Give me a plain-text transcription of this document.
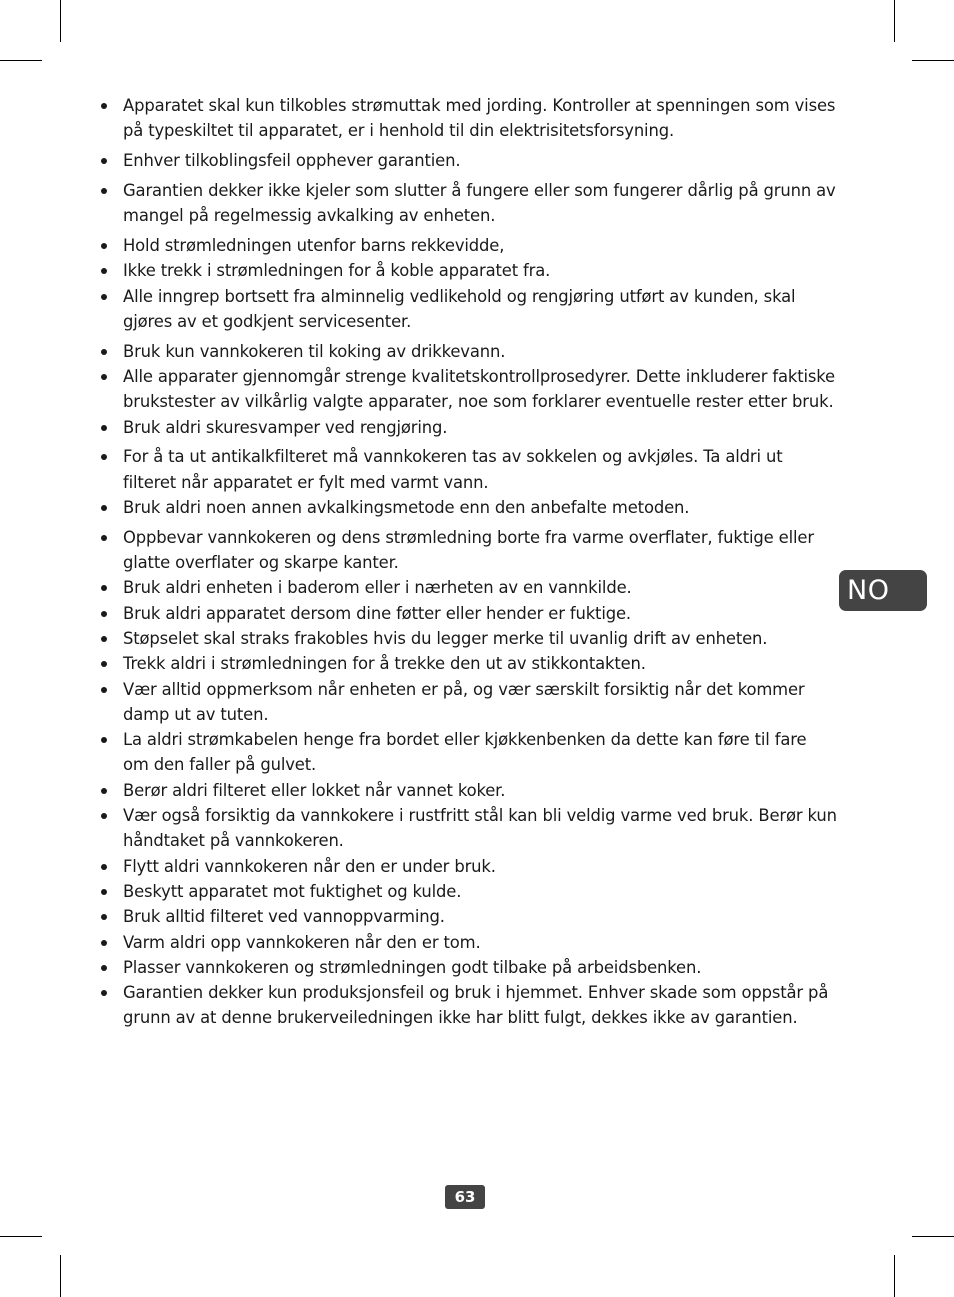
Apparatet skal kun tilkobles strømuttak med jording. Kontroller at spenningen som vises på typeskiltet til apparatet, er i henhold til din elektrisitetsforsyning.
Enhver tilkoblingsfeil opphever garantien.
Garantien dekker ikke kjeler som slutter å fungere eller som fungerer dårlig på grunn av mangel på regelmessig avkalking av enheten.
Hold strømledningen utenfor barns rekkevidde,
Ikke trekk i strømledningen for å koble apparatet fra.
Alle inngrep bortsett fra alminnelig vedlikehold og rengjøring utført av kunden, skal gjøres av et godkjent servicesenter.
Bruk kun vannkokeren til koking av drikkevann.
Alle apparater gjennomgår strenge kvalitetskontrollprosedyrer. Dette inkluderer faktiske brukstester av vilkårlig valgte apparater, noe som forklarer eventuelle rester etter bruk.
Bruk aldri skuresvamper ved rengjøring.
For å ta ut antikalkfilteret må vannkokeren tas av sokkelen og avkjøles. Ta aldri ut filteret når apparatet er fylt med varmt vann.
Bruk aldri noen annen avkalkingsmetode enn den anbefalte metoden.
Oppbevar vannkokeren og dens strømledning borte fra varme overflater, fuktige eller glatte overflater og skarpe kanter.
Bruk aldri enheten i baderom eller i nærheten av en vannkilde.
Bruk aldri apparatet dersom dine føtter eller hender er fuktige.
Støpselet skal straks frakobles hvis du legger merke til uvanlig drift av enheten.
Trekk aldri i strømledningen for å trekke den ut av stikkontakten.
Vær alltid oppmerksom når enheten er på, og vær særskilt forsiktig når det kommer damp ut av tuten.
La aldri strømkabelen henge fra bordet eller kjøkkenbenken da dette kan føre til fare om den faller på gulvet.
Berør aldri filteret eller lokket når vannet koker.
Vær også forsiktig da vannkokere i rustfritt stål kan bli veldig varme ved bruk. Berør kun håndtaket på vannkokeren.
Flytt aldri vannkokeren når den er under bruk.
Beskytt apparatet mot fuktighet og kulde.
Bruk alltid filteret ved vannoppvarming.
Varm aldri opp vannkokeren når den er tom.
Plasser vannkokeren og strømledningen godt tilbake på arbeidsbenken.
Garantien dekker kun produksjonsfeil og bruk i hjemmet. Enhver skade som oppstår på grunn av at denne brukerveiledningen ikke har blitt fulgt, dekkes ikke av garantien.
NO
63
